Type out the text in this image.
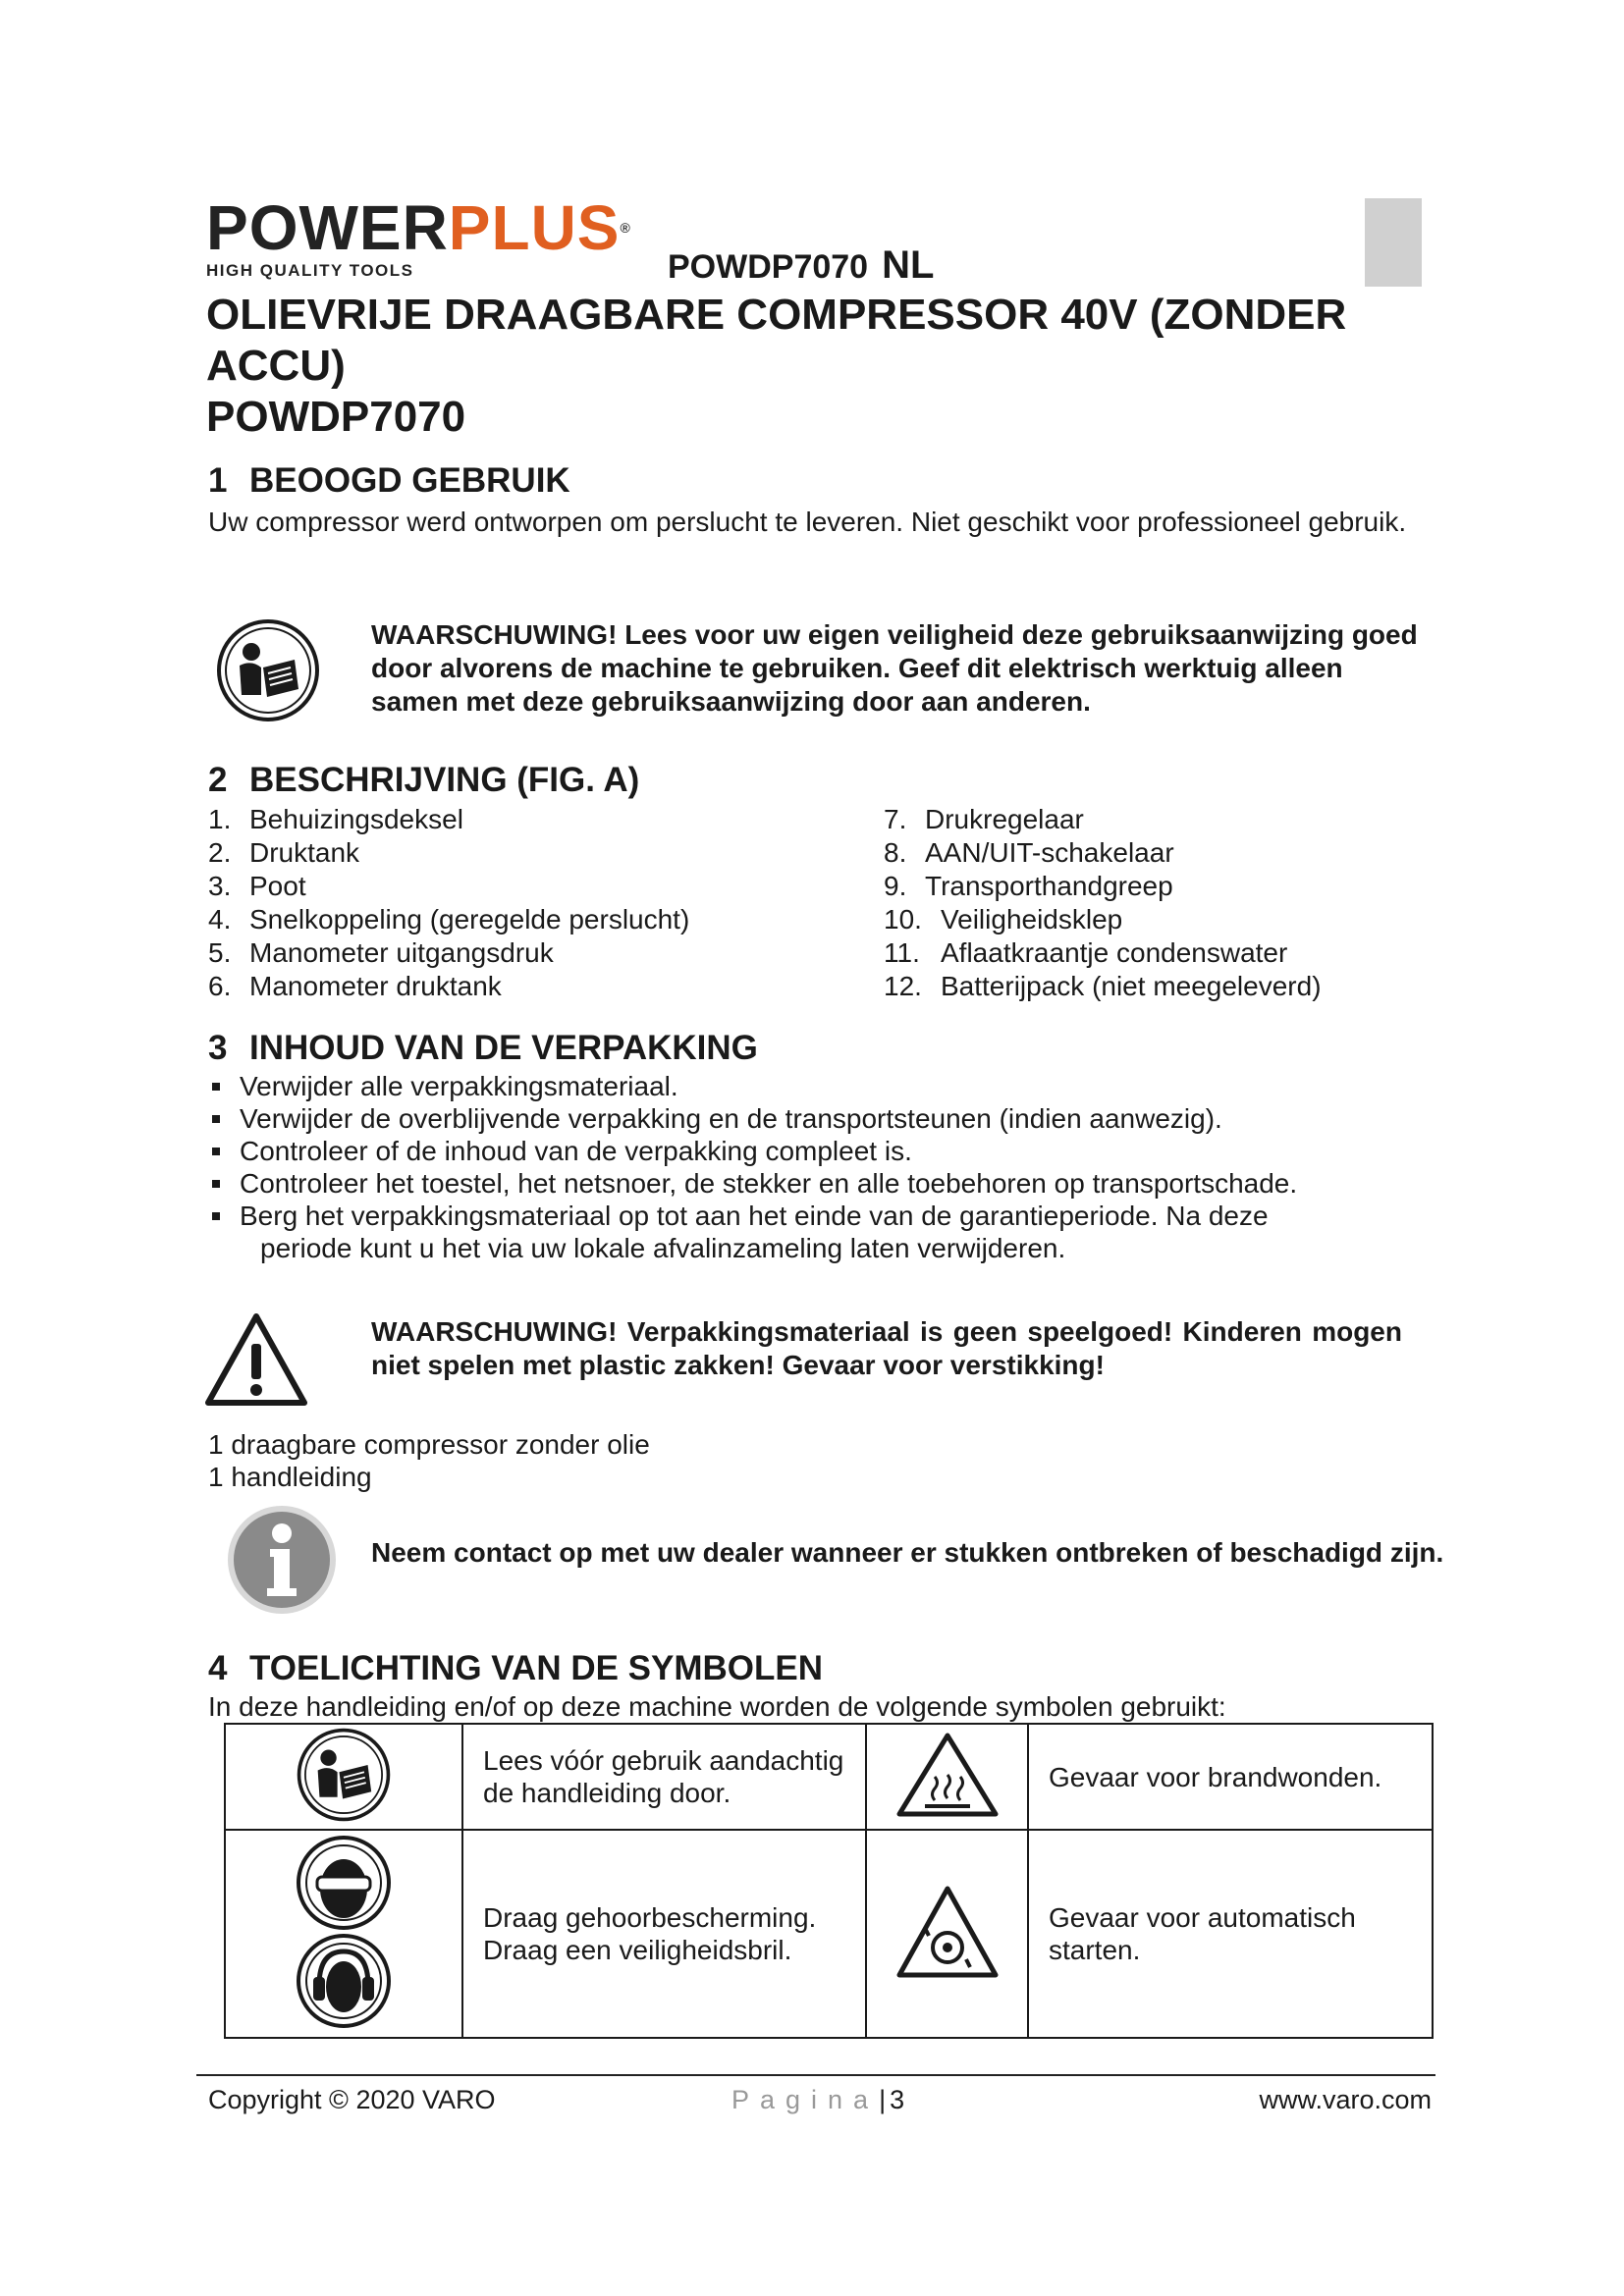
POWERPLUS®
HIGH QUALITY TOOLS	POWDP7070 NL
OLIEVRIJE DRAAGBARE COMPRESSOR 40V (ZONDER
ACCU)
POWDP7070
1 BEOOGD GEBRUIK
Uw compressor werd ontworpen om perslucht te leveren. Niet geschikt voor professioneel gebruik.
WAARSCHUWING! Lees voor uw eigen veiligheid deze gebruiksaanwijzing goed door alvorens de machine te gebruiken. Geef dit elektrisch werktuig alleen samen met deze gebruiksaanwijzing door aan anderen.
2 BESCHRIJVING (FIG. A)
1. Behuizingsdeksel
2. Druktank
3. Poot
4. Snelkoppeling (geregelde perslucht)
5. Manometer uitgangsdruk
6. Manometer druktank
7. Drukregelaar
8. AAN/UIT-schakelaar
9. Transporthandgreep
10. Veiligheidsklep
11. Aflaatkraantje condenswater
12. Batterijpack (niet meegeleverd)
3 INHOUD VAN DE VERPAKKING
Verwijder alle verpakkingsmateriaal.
Verwijder de overblijvende verpakking en de transportsteunen (indien aanwezig).
Controleer of de inhoud van de verpakking compleet is.
Controleer het toestel, het netsnoer, de stekker en alle toebehoren op transportschade.
Berg het verpakkingsmateriaal op tot aan het einde van de garantieperiode. Na deze
periode kunt u het via uw lokale afvalinzameling laten verwijderen.
WAARSCHUWING! Verpakkingsmateriaal is geen speelgoed! Kinderen mogen niet spelen met plastic zakken! Gevaar voor verstikking!
1 draagbare compressor zonder olie
1 handleiding
Neem contact op met uw dealer wanneer er stukken ontbreken of beschadigd zijn.
4 TOELICHTING VAN DE SYMBOLEN
In deze handleiding en/of op deze machine worden de volgende symbolen gebruikt:
	Lees vóór gebruik aandachtig de handleiding door.		Gevaar voor brandwonden.
	Draag gehoorbescherming. Draag een veiligheidsbril.		Gevaar voor automatisch starten.
Copyright © 2020 VARO	Pagina| 3	www.varo.com
